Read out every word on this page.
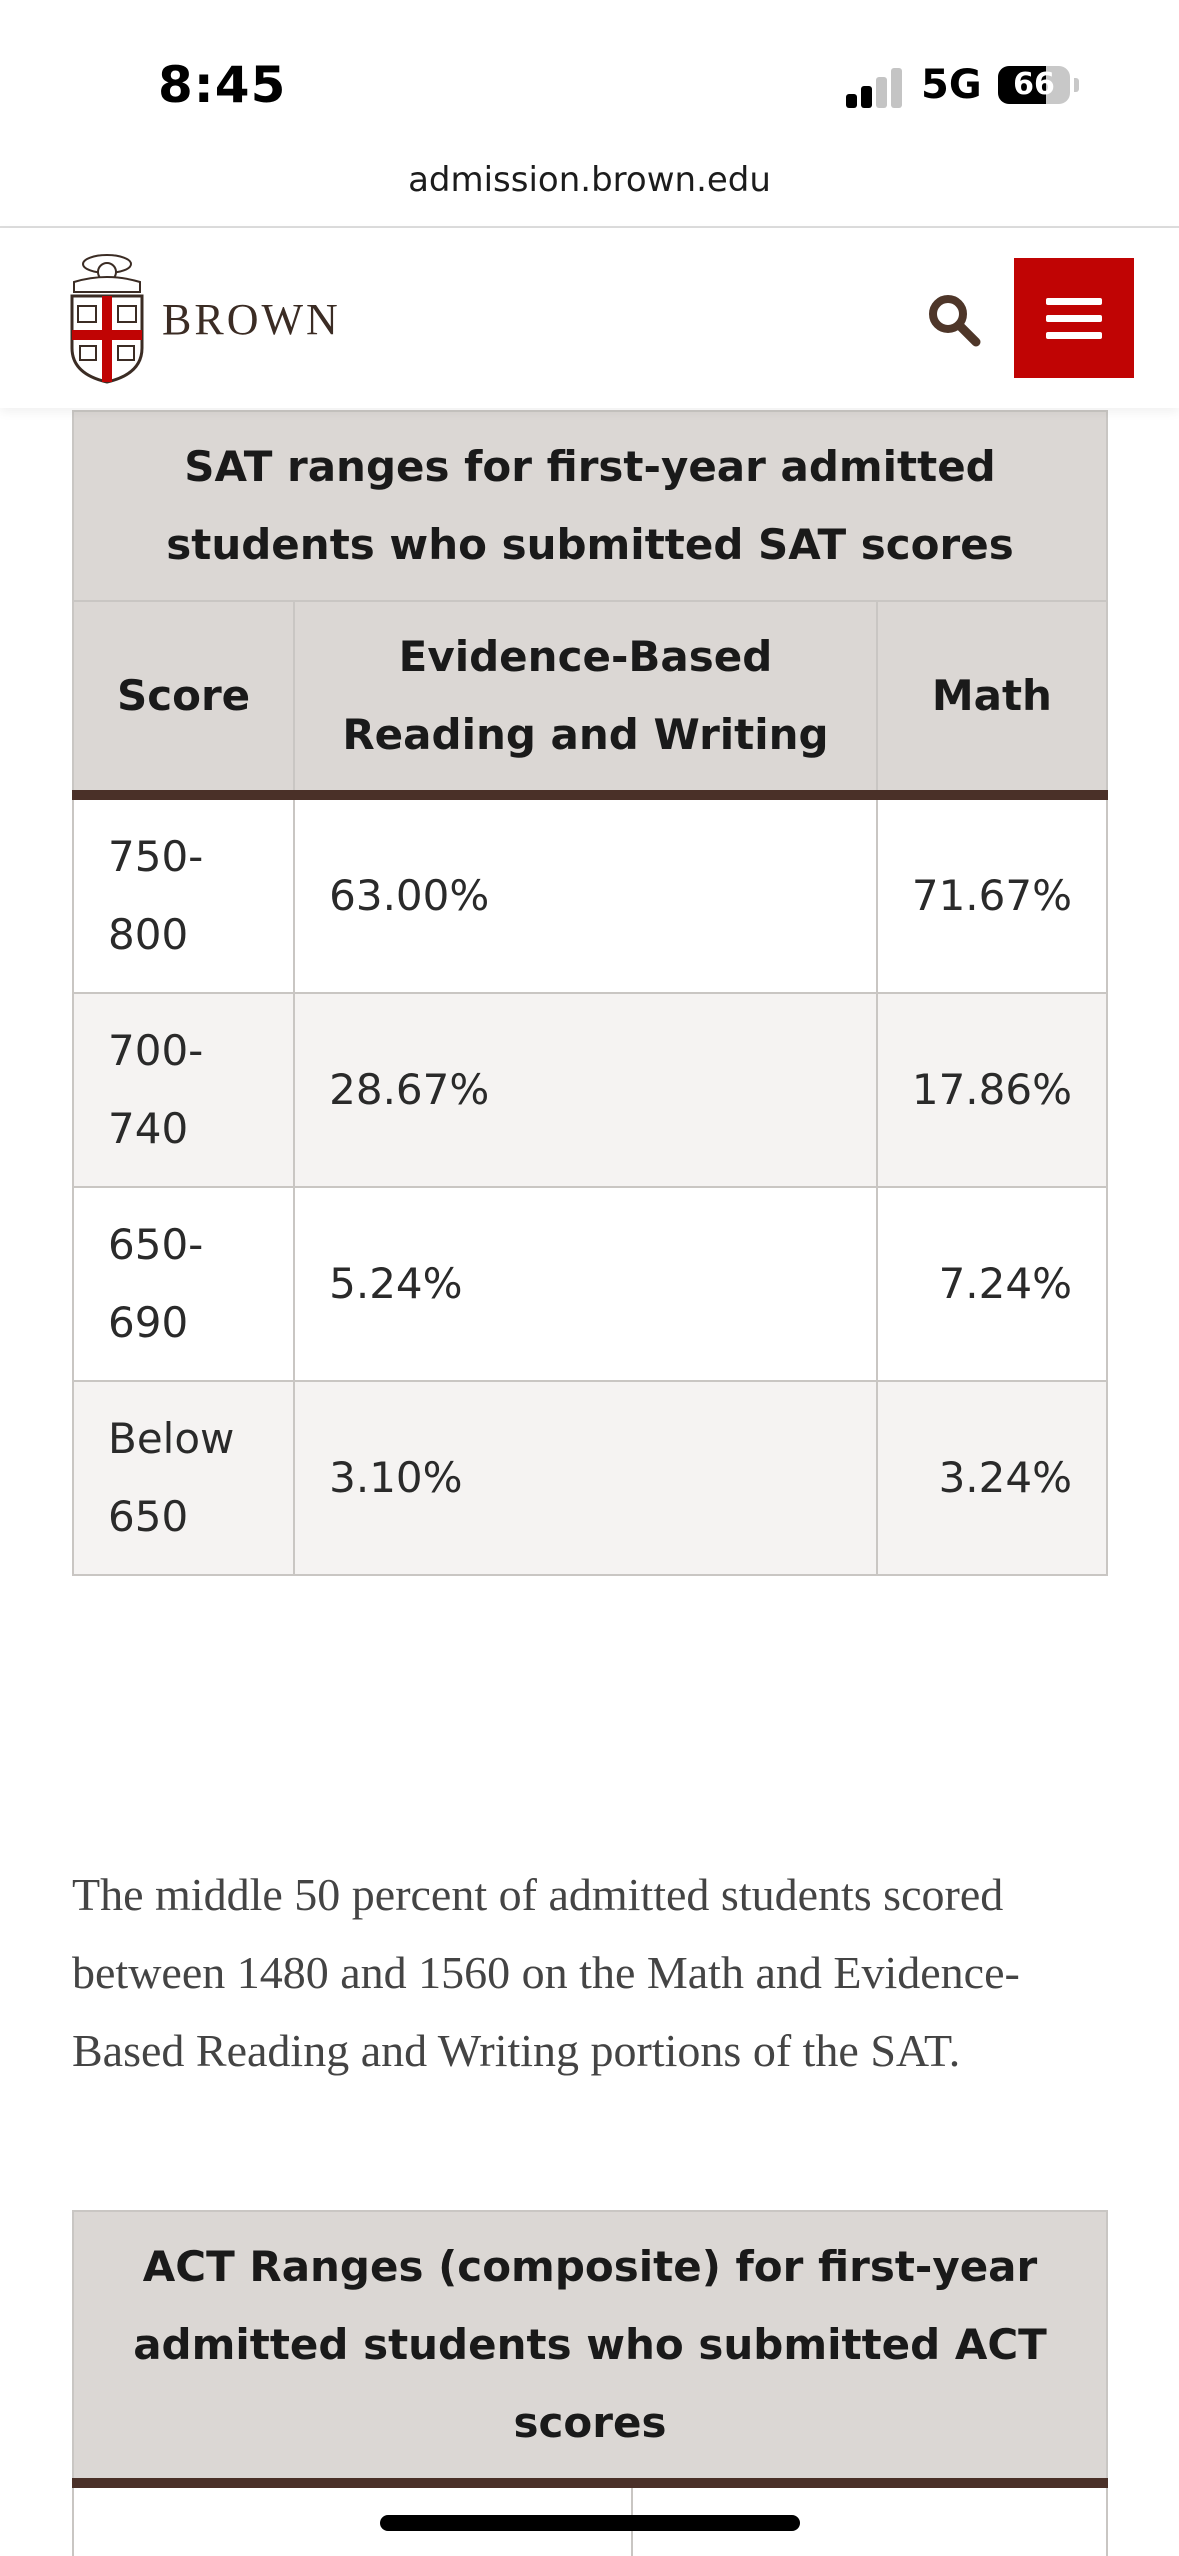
8:45	5G	66
admission.brown.edu
BROWN
SAT ranges for first-year admitted students who submitted SAT scores		
Score	Evidence-Based Reading and Writing	Math
750-800	63.00%	71.67%
700-740	28.67%	17.86%
650-690	5.24%	7.24%
Below 650	3.10%	3.24%

The middle 50 percent of admitted students scored between 1480 and 1560 on the Math and Evidence-Based Reading and Writing portions of the SAT.

ACT Ranges (composite) for first-year admitted students who submitted ACT scores
